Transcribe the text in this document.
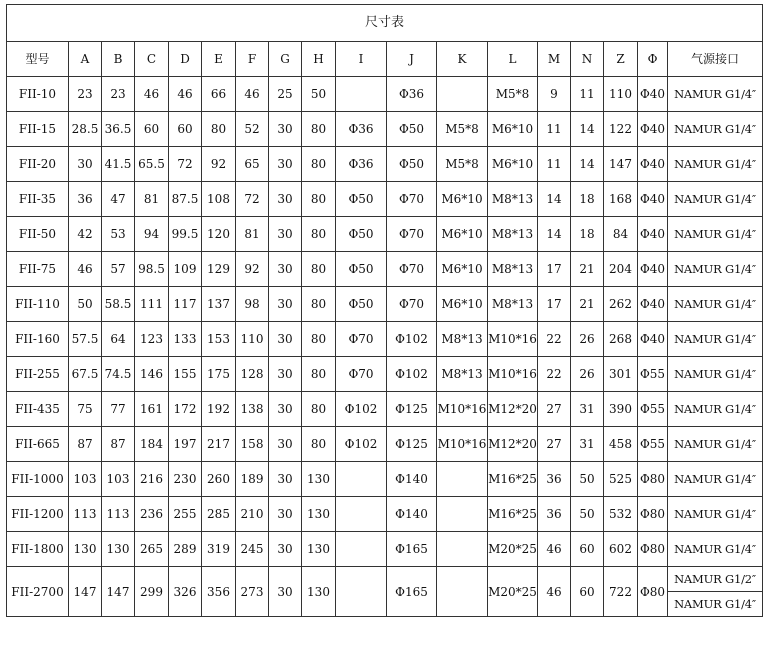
尺寸表																	
型号	A	B	C	D	E	F	G	H	I	J	K	L	M	N	Z	Φ	气源接口
FII-10	23	23	46	46	66	46	25	50		Φ36		M5*8	9	11	110	Φ40	NAMUR G1/4″
FII-15	28.5	36.5	60	60	80	52	30	80	Φ36	Φ50	M5*8	M6*10	11	14	122	Φ40	NAMUR G1/4″
FII-20	30	41.5	65.5	72	92	65	30	80	Φ36	Φ50	M5*8	M6*10	11	14	147	Φ40	NAMUR G1/4″
FII-35	36	47	81	87.5	108	72	30	80	Φ50	Φ70	M6*10	M8*13	14	18	168	Φ40	NAMUR G1/4″
FII-50	42	53	94	99.5	120	81	30	80	Φ50	Φ70	M6*10	M8*13	14	18	84	Φ40	NAMUR G1/4″
FII-75	46	57	98.5	109	129	92	30	80	Φ50	Φ70	M6*10	M8*13	17	21	204	Φ40	NAMUR G1/4″
FII-110	50	58.5	111	117	137	98	30	80	Φ50	Φ70	M6*10	M8*13	17	21	262	Φ40	NAMUR G1/4″
FII-160	57.5	64	123	133	153	110	30	80	Φ70	Φ102	M8*13	M10*16	22	26	268	Φ40	NAMUR G1/4″
FII-255	67.5	74.5	146	155	175	128	30	80	Φ70	Φ102	M8*13	M10*16	22	26	301	Φ55	NAMUR G1/4″
FII-435	75	77	161	172	192	138	30	80	Φ102	Φ125	M10*16	M12*20	27	31	390	Φ55	NAMUR G1/4″
FII-665	87	87	184	197	217	158	30	80	Φ102	Φ125	M10*16	M12*20	27	31	458	Φ55	NAMUR G1/4″
FII-1000	103	103	216	230	260	189	30	130		Φ140		M16*25	36	50	525	Φ80	NAMUR G1/4″
FII-1200	113	113	236	255	285	210	30	130		Φ140		M16*25	36	50	532	Φ80	NAMUR G1/4″
FII-1800	130	130	265	289	319	245	30	130		Φ165		M20*25	46	60	602	Φ80	NAMUR G1/4″
FII-2700	147	147	299	326	356	273	30	130		Φ165		M20*25	46	60	722	Φ80	NAMUR G1/2″
																	NAMUR G1/4″
